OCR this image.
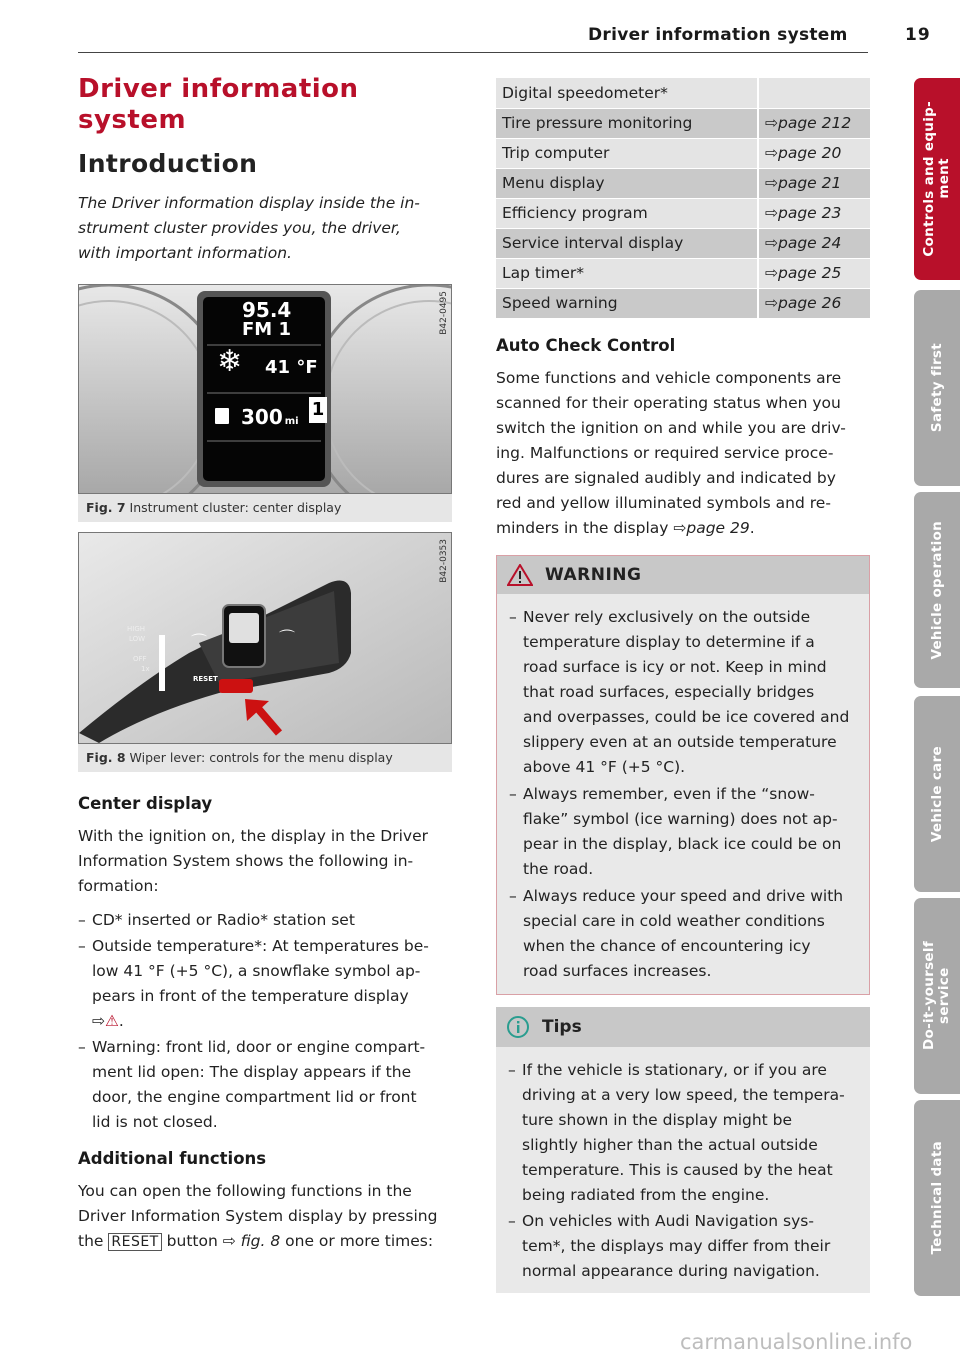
Driver information system	19
Driver information
system
Introduction

The Driver information display inside the in-
strument cluster provides you, the driver,
with important information.

95.4
FM 1
❄ 41 °F
300 mi
1
B42-0495
Fig. 7 Instrument cluster: center display
HIGH
LOW
OFF
1x
RESET
⌒	⌒
B42-0353
Fig. 8 Wiper lever: controls for the menu display
Center display

With the ignition on, the display in the Driver
Information System shows the following in-
formation:

– CD* inserted or Radio* station set
– Outside temperature*: At temperatures be-
low 41 °F (+5 °C), a snowflake symbol ap-
pears in front of the temperature display
⇨⚠.
– Warning: front lid, door or engine compart-
ment lid open: The display appears if the
door, the engine compartment lid or front
lid is not closed.
Additional functions

You can open the following functions in the
Driver Information System display by pressing
the RESET button ⇨ fig. 8 one or more times:

Digital speedometer*	
Tire pressure monitoring	⇨page 212
Trip computer	⇨page 20
Menu display	⇨page 21
Efficiency program	⇨page 23
Service interval display	⇨page 24
Lap timer*	⇨page 25
Speed warning	⇨page 26
Auto Check Control

Some functions and vehicle components are
scanned for their operating status when you
switch the ignition on and while you are driv-
ing. Malfunctions or required service proce-
dures are signaled audibly and indicated by
red and yellow illuminated symbols and re-
minders in the display ⇨page 29.

WARNING
– Never rely exclusively on the outside
temperature display to determine if a
road surface is icy or not. Keep in mind
that road surfaces, especially bridges
and overpasses, could be ice covered and
slippery even at an outside temperature
above 41 °F (+5 °C).
– Always remember, even if the “snow-
flake” symbol (ice warning) does not ap-
pear in the display, black ice could be on
the road.
– Always reduce your speed and drive with
special care in cold weather conditions
when the chance of encountering icy
road surfaces increases.
Tips
– If the vehicle is stationary, or if you are
driving at a very low speed, the tempera-
ture shown in the display might be
slightly higher than the actual outside
temperature. This is caused by the heat
being radiated from the engine.
– On vehicles with Audi Navigation sys-
tem*, the displays may differ from their
normal appearance during navigation.
Controls and equip-
ment
Safety first
Vehicle operation
Vehicle care
Do-it-yourself
service
Technical data
carmanualsonline.info
